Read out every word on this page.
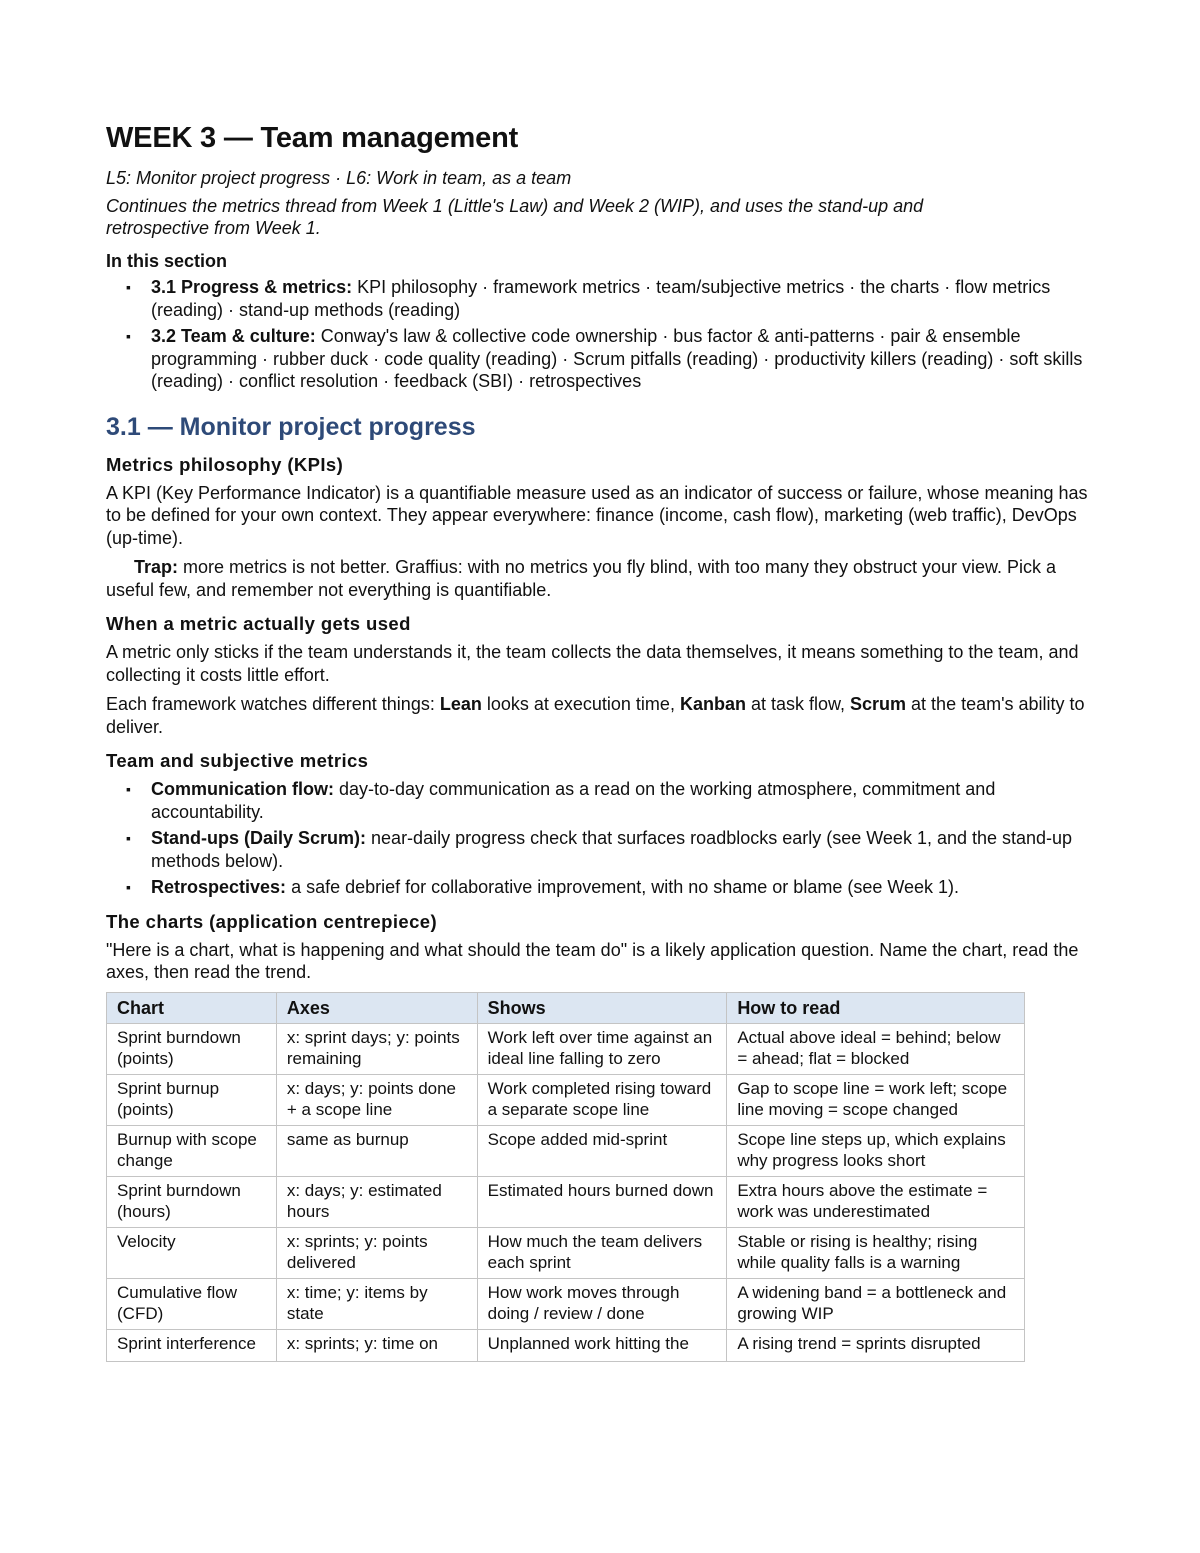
WEEK 3 — Team management
L5: Monitor project progress · L6: Work in team, as a team
Continues the metrics thread from Week 1 (Little's Law) and Week 2 (WIP), and uses the stand-up and retrospective from Week 1.
In this section
▪ 3.1 Progress & metrics: KPI philosophy · framework metrics · team/subjective metrics · the charts · flow metrics (reading) · stand-up methods (reading)
▪ 3.2 Team & culture: Conway's law & collective code ownership · bus factor & anti-patterns · pair & ensemble programming · rubber duck · code quality (reading) · Scrum pitfalls (reading) · productivity killers (reading) · soft skills (reading) · conflict resolution · feedback (SBI) · retrospectives
3.1 — Monitor project progress
Metrics philosophy (KPIs)

A KPI (Key Performance Indicator) is a quantifiable measure used as an indicator of success or failure, whose meaning has to be defined for your own context. They appear everywhere: finance (income, cash flow), marketing (web traffic), DevOps (up-time).

Trap: more metrics is not better. Graffius: with no metrics you fly blind, with too many they obstruct your view. Pick a useful few, and remember not everything is quantifiable.

When a metric actually gets used

A metric only sticks if the team understands it, the team collects the data themselves, it means something to the team, and collecting it costs little effort.

Each framework watches different things: Lean looks at execution time, Kanban at task flow, Scrum at the team's ability to deliver.

Team and subjective metrics
▪ Communication flow: day-to-day communication as a read on the working atmosphere, commitment and accountability.
▪ Stand-ups (Daily Scrum): near-daily progress check that surfaces roadblocks early (see Week 1, and the stand-up methods below).
▪ Retrospectives: a safe debrief for collaborative improvement, with no shame or blame (see Week 1).
The charts (application centrepiece)

"Here is a chart, what is happening and what should the team do" is a likely application question. Name the chart, read the axes, then read the trend.

Chart	Axes	Shows	How to read
Sprint burndown (points)	x: sprint days; y: points remaining	Work left over time against an ideal line falling to zero	Actual above ideal = behind; below = ahead; flat = blocked
Sprint burnup (points)	x: days; y: points done + a scope line	Work completed rising toward a separate scope line	Gap to scope line = work left; scope line moving = scope changed
Burnup with scope change	same as burnup	Scope added mid-sprint	Scope line steps up, which explains why progress looks short
Sprint burndown (hours)	x: days; y: estimated hours	Estimated hours burned down	Extra hours above the estimate = work was underestimated
Velocity	x: sprints; y: points delivered	How much the team delivers each sprint	Stable or rising is healthy; rising while quality falls is a warning
Cumulative flow (CFD)	x: time; y: items by state	How work moves through doing / review / done	A widening band = a bottleneck and growing WIP
Sprint interference	x: sprints; y: time on	Unplanned work hitting the	A rising trend = sprints disrupted
